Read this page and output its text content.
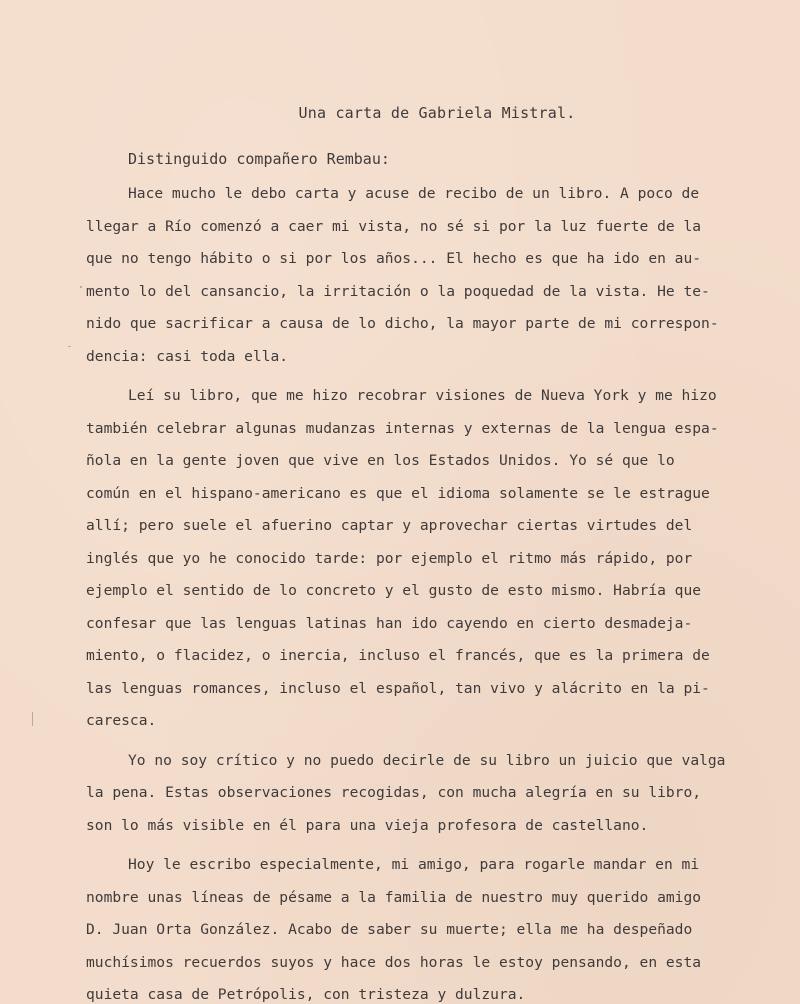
Una carta de Gabriela Mistral.

Distinguido compañero Rembau:

Hace mucho le debo carta y acuse de recibo de un libro. A poco de
llegar a Río comenzó a caer mi vista, no sé si por la luz fuerte de la
que no tengo hábito o si por los años... El hecho es que ha ido en au-
mento lo del cansancio, la irritación o la poquedad de la vista. He te-
nido que sacrificar a causa de lo dicho, la mayor parte de mi correspon-
dencia: casi toda ella.
Leí su libro, que me hizo recobrar visiones de Nueva York y me hizo
también celebrar algunas mudanzas internas y externas de la lengua espa-
ñola en la gente joven que vive en los Estados Unidos. Yo sé que lo
común en el hispano-americano es que el idioma solamente se le estrague
allí; pero suele el afuerino captar y aprovechar ciertas virtudes del
inglés que yo he conocido tarde: por ejemplo el ritmo más rápido, por
ejemplo el sentido de lo concreto y el gusto de esto mismo. Habría que
confesar que las lenguas latinas han ido cayendo en cierto desmadeja-
miento, o flacidez, o inercia, incluso el francés, que es la primera de
las lenguas romances, incluso el español, tan vivo y alácrito en la pi-
caresca.
Yo no soy crítico y no puedo decirle de su libro un juicio que valga
la pena. Estas observaciones recogidas, con mucha alegría en su libro,
son lo más visible en él para una vieja profesora de castellano.
Hoy le escribo especialmente, mi amigo, para rogarle mandar en mi
nombre unas líneas de pésame a la familia de nuestro muy querido amigo
D. Juan Orta González. Acabo de saber su muerte; ella me ha despeñado
muchísimos recuerdos suyos y hace dos horas le estoy pensando, en esta
quieta casa de Petrópolis, con tristeza y dulzura.
